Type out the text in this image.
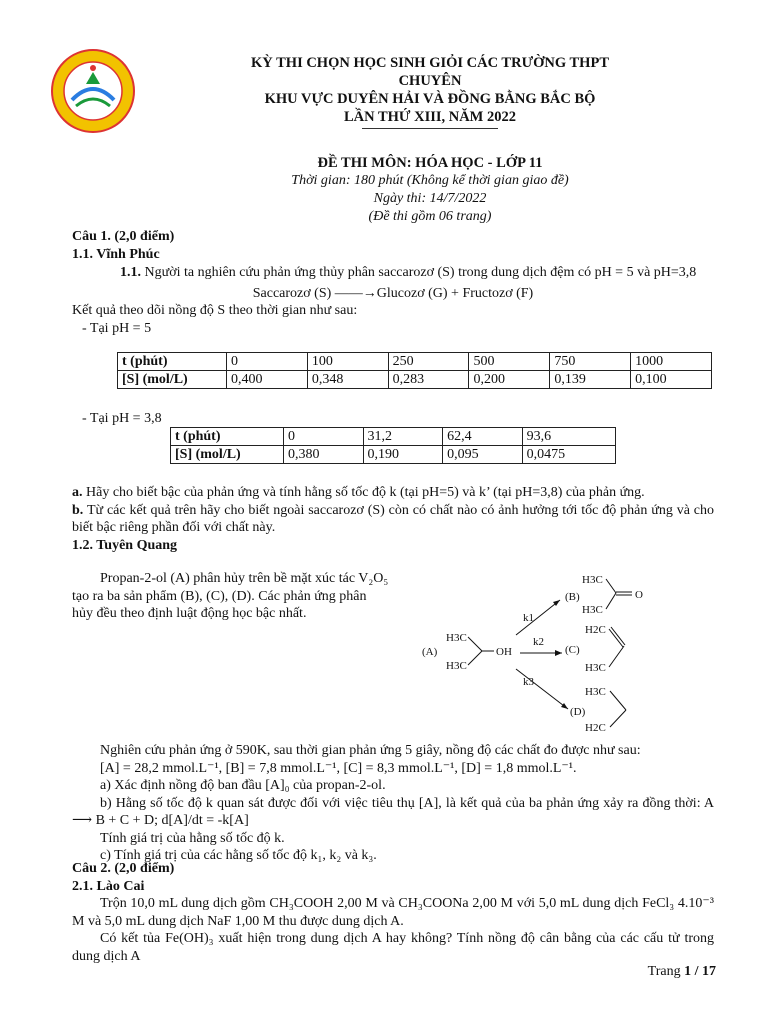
KỲ THI CHỌN HỌC SINH GIỎI CÁC TRƯỜNG THPT
CHUYÊN
KHU VỰC DUYÊN HẢI VÀ ĐỒNG BẰNG BẮC BỘ
LẦN THỨ XIII, NĂM 2022
ĐỀ THI MÔN: HÓA HỌC - LỚP 11
Thời gian: 180 phút (Không kể thời gian giao đề)
Ngày thi: 14/7/2022
(Đề thi gồm 06 trang)
Câu 1. (2,0 điểm)
1.1. Vĩnh Phúc

1.1. Người ta nghiên cứu phản ứng thủy phân saccarozơ (S) trong dung dịch đệm có pH = 5 và pH=3,8

Saccarozơ (S) ——→Glucozơ (G) + Fructozơ (F)
Kết quả theo dõi nồng độ S theo thời gian như sau:
- Tại pH = 5
t (phút)	0	100	250	500	750	1000
[S] (mol/L)	0,400	0,348	0,283	0,200	0,139	0,100
- Tại pH = 3,8
t (phút)	0	31,2	62,4	93,6
[S] (mol/L)	0,380	0,190	0,095	0,0475

a. Hãy cho biết bậc của phản ứng và tính hằng số tốc độ k (tại pH=5) và k’ (tại pH=3,8) của phản ứng.

b. Từ các kết quả trên hãy cho biết ngoài saccarozơ (S) còn có chất nào có ảnh hưởng tới tốc độ phản ứng và cho biết bậc riêng phần đối với chất này.

1.2. Tuyên Quang
Propan-2-ol (A) phân hủy trên bề mặt xúc tác V₂O₅ tạo ra ba sản phẩm (B), (C), (D). Các phản ứng phân hủy đều theo định luật động học bậc nhất.
(A)
H3C
H3C
OH
(B)
H3C
H3C
O
(C)
H2C
H3C
(D)
H3C
H2C
k1
k2
k3

Nghiên cứu phản ứng ở 590K, sau thời gian phản ứng 5 giây, nồng độ các chất đo được như sau:

[A] = 28,2 mmol.L⁻¹, [B] = 7,8 mmol.L⁻¹, [C] = 8,3 mmol.L⁻¹, [D] = 1,8 mmol.L⁻¹.

a) Xác định nồng độ ban đầu [A]₀ của propan-2-ol.

b) Hằng số tốc độ k quan sát được đối với việc tiêu thụ [A], là kết quả của ba phản ứng xảy ra đồng thời: A ⟶ B + C + D; d[A]/dt = -k[A]

Tính giá trị của hằng số tốc độ k.

c) Tính giá trị của các hằng số tốc độ k₁, k₂ và k₃.

Câu 2. (2,0 điểm)
2.1. Lào Cai

Trộn 10,0 mL dung dịch gồm CH₃COOH 2,00 M và CH₃COONa 2,00 M với 5,0 mL dung dịch FeCl₃ 4.10⁻³ M và 5,0 mL dung dịch NaF 1,00 M thu được dung dịch A.

Có kết tủa Fe(OH)₃ xuất hiện trong dung dịch A hay không? Tính nồng độ cân bằng của các cấu tử trong dung dịch A

Trang 1 / 17
